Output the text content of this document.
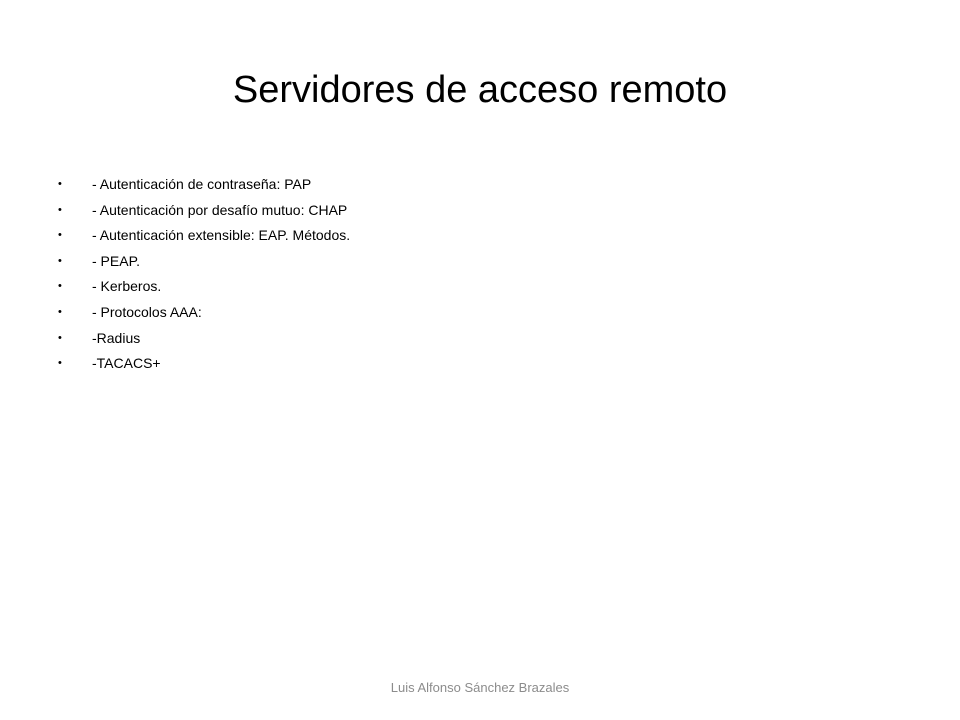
Servidores de acceso remoto
•	- Autenticación de contraseña: PAP
•	- Autenticación por desafío mutuo: CHAP
•	- Autenticación extensible: EAP. Métodos.
•	- PEAP.
•	- Kerberos.
•	- Protocolos AAA:
•	-Radius
•	-TACACS+
Luis Alfonso Sánchez Brazales
